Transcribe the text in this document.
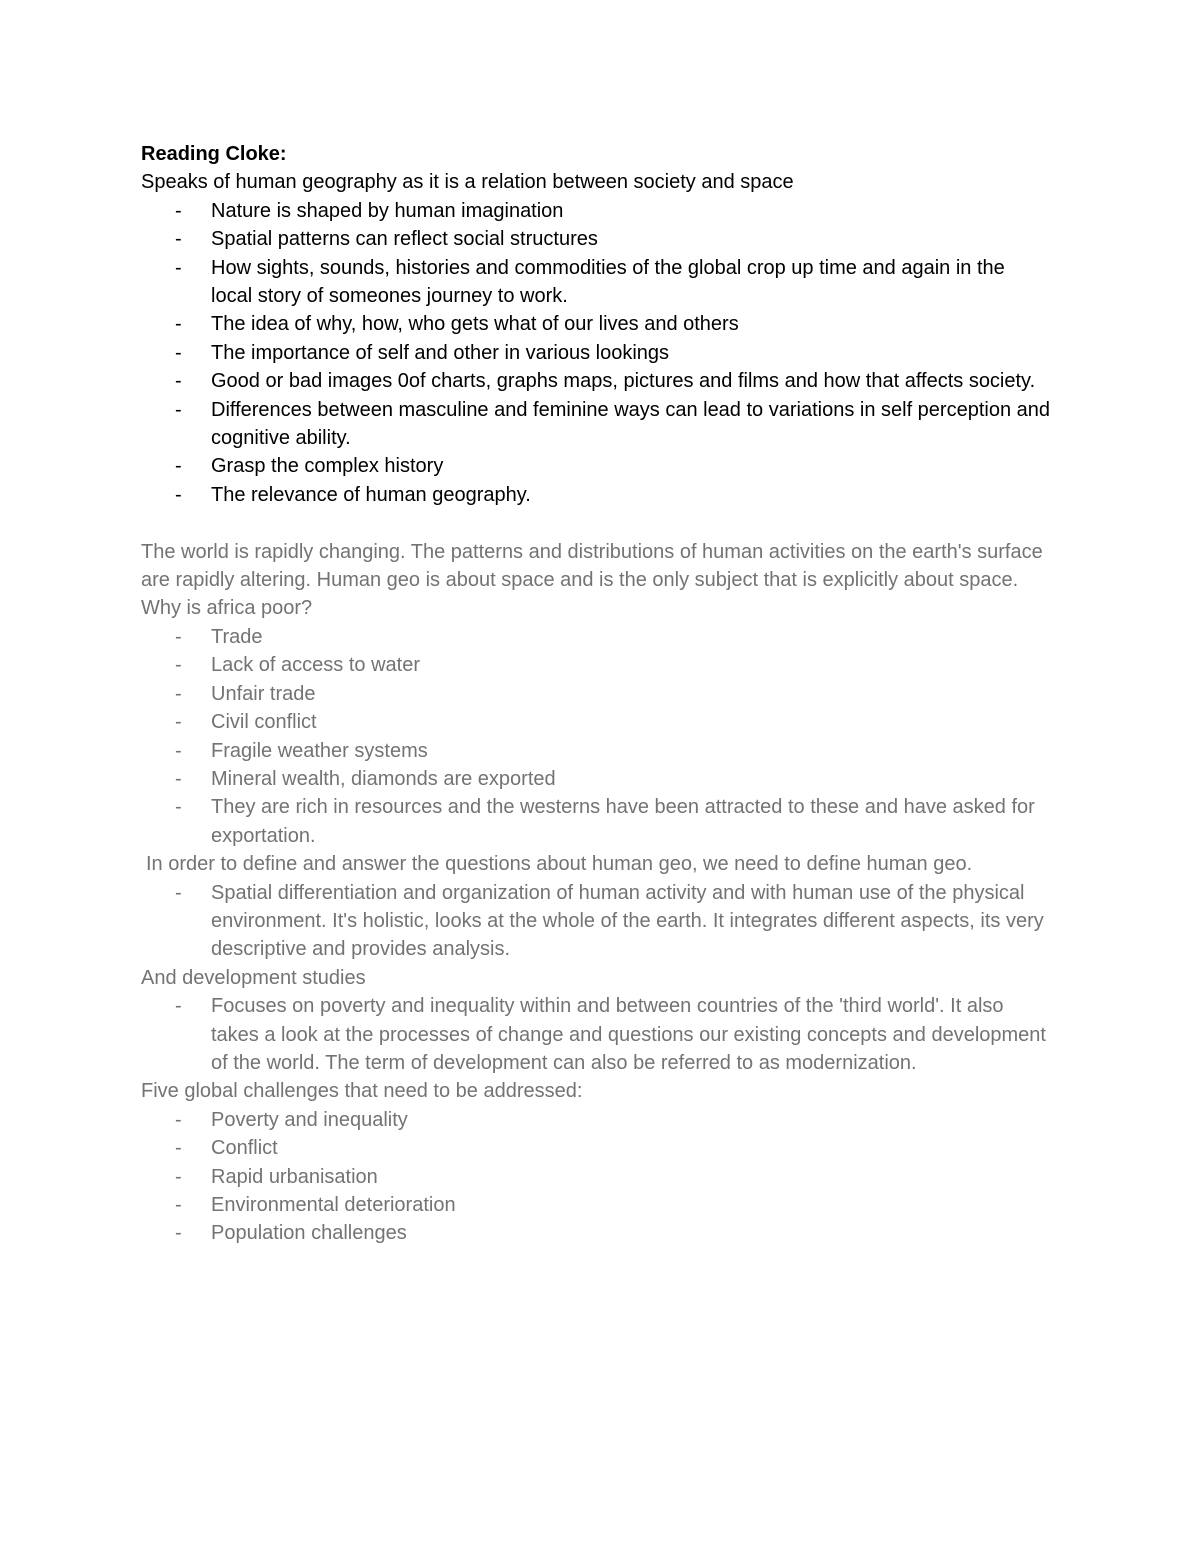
Reading Cloke:

Speaks of human geography as it is a relation between society and space

- Nature is shaped by human imagination
- Spatial patterns can reflect social structures
- How sights, sounds, histories and commodities of the global crop up time and again in the local story of someones journey to work.
- The idea of why, how, who gets what of our lives and others
- The importance of self and other in various lookings
- Good or bad images 0of charts, graphs maps, pictures and films and how that affects society.
- Differences between masculine and feminine ways can lead to variations in self perception and cognitive ability.
- Grasp the complex history
- The relevance of human geography.

The world is rapidly changing. The patterns and distributions of human activities on the earth's surface are rapidly altering. Human geo is about space and is the only subject that is explicitly about space.

Why is africa poor?

- Trade
- Lack of access to water
- Unfair trade
- Civil conflict
- Fragile weather systems
- Mineral wealth, diamonds are exported
- They are rich in resources and the westerns have been attracted to these and have asked for exportation.

In order to define and answer the questions about human geo, we need to define human geo.

- Spatial differentiation and organization of human activity and with human use of the physical environment. It's holistic, looks at the whole of the earth. It integrates different aspects, its very descriptive and provides analysis.

And development studies

- Focuses on poverty and inequality within and between countries of the 'third world'. It also takes a look at the processes of change and questions our existing concepts and development of the world. The term of development can also be referred to as modernization.

Five global challenges that need to be addressed:

- Poverty and inequality
- Conflict
- Rapid urbanisation
- Environmental deterioration
- Population challenges
